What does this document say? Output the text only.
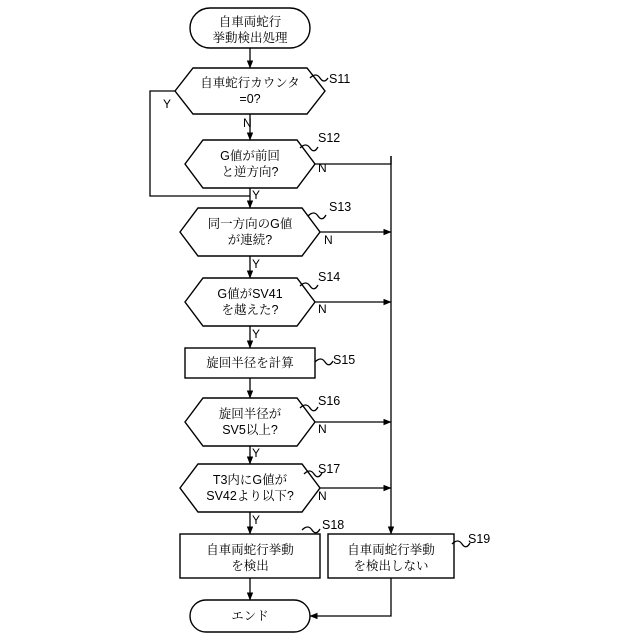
自車両蛇行
挙動検出処理
自車蛇行カウンタ
=0?
G値が前回
と逆方向?
同一方向のG値
が連続?
G値がSV41
を越えた?
旋回半径を計算
旋回半径が
SV5以上?
T3内にG値が
SV42より以下?
自車両蛇行挙動
を検出
自車両蛇行挙動
を検出しない
エンド
S11
S12
S13
S14
S15
S16
S17
S18
S19
Y
N
N
Y
N
Y
N
Y
N
Y
N
Y
